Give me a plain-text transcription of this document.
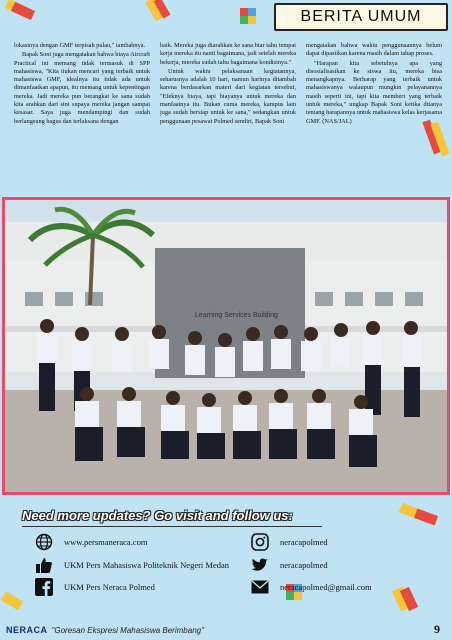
BERITA UMUM

lokasinya dengan GMF terpisah pulau," tambahnya.

Bapak Soni juga mengatakan bahwa biaya Aircraft Practical ini memang tidak termasuk di SPP mahasiswa, "Kita itukan mencari yang terbaik untuk mahasiswa GMF, idealnya itu tidak ada untuk dimanfaatkan apapun, itu memang untuk kepentingan mereka. Jadi mereka pun berangkat ke sana sudah kita arahkan dari sini supaya mereka jangan sampai kesasar. Saya juga mendampingi dan sudah berlangsung bagus dan terlaksana dengan

baik. Mereka juga diarahkan ke sana biar tahu tempat kerja mereka itu nanti bagaimana, jadi setelah mereka bekerja, mereka sudah tahu bagaimana kondisinya."

Untuk waktu pelaksanaan kegiatannya, seharusnya adalah 10 hari, namun harinya ditambah karena berdasarkan materi dari kegiatan tersebut, "Efeknya biaya, tapi biayanya untuk mereka dan manfaatnya itu. Bukan cuma mereka, kampus lain juga sudah bersiap untuk ke sana," sedangkan untuk penggunaan pesawat Polmed sendiri, Bapak Soni

mengatakan bahwa waktu penggunaannya belum dapat dipastikan karena masih dalam tahap proses.

"Harapan kita sebetulnya apa yang disosialisasikan ke siswa itu, mereka bisa menangkapnya. Berharap yang terbaik untuk mahasiswanya walaupun mungkin pelayanannya masih seperti ini, tapi kita memberi yang terbaik untuk mereka," ungkap Bapak Soni ketika ditanya tentang harapannya untuk mahasiswa kelas kerjasama GMF. (NAS/JAL)

Learning Services Building
Need more updates? Go visit and follow us:
www.persmaneraca.com
UKM Pers Mahasiswa Politeknik Negeri Medan
UKM Pers Neraca Polmed
neracapolmed
neracapolmed
neracapolmed@gmail.com
NERACA "Goresan Ekspresi Mahasiswa Berimbang"	9
